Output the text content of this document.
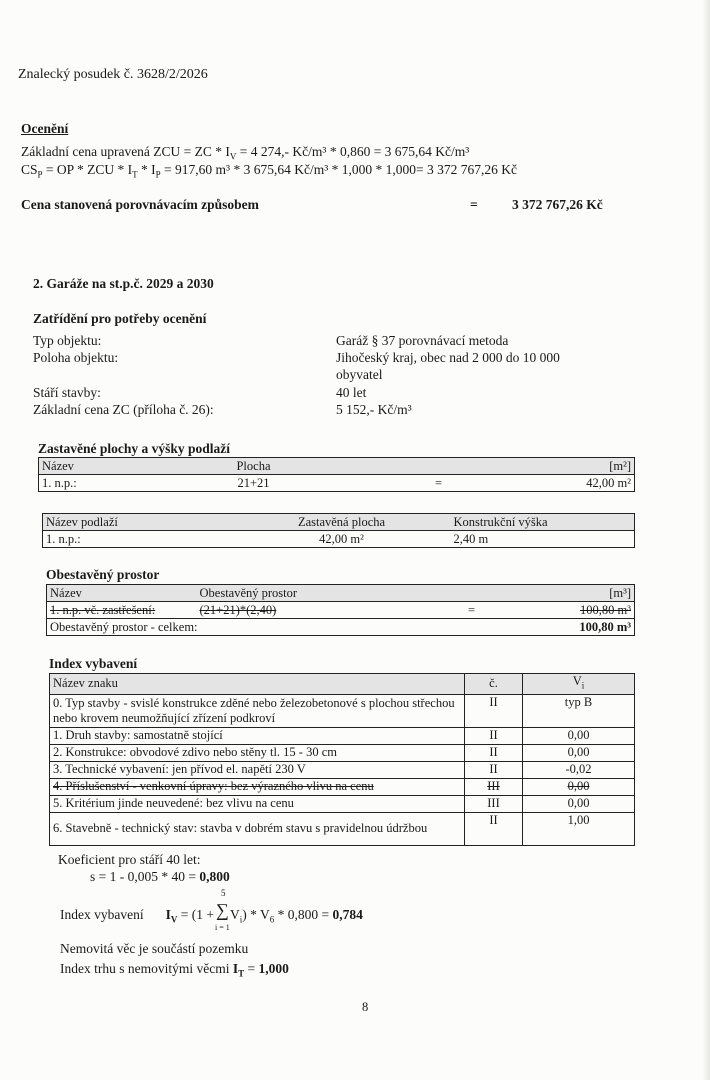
Znalecký posudek č. 3628/2/2026
Ocenění
Základní cena upravená ZCU = ZC * $I_V = 4$ 274,- Kč/m³ * 0,860 = 3 675,64 Kč/m³
$CS_P$ = OP * ZCU * $I_T * I_P = 917,60$ m³ * 3 675,64 Kč/m³ * 1,000 * 1,000= 3 372 767,26 Kč
Cena stanovená porovnávacím způsobem	=	3 372 767,26 Kč
2. Garáže na st.p.č. 2029 a 2030
Zatřídění pro potřeby ocenění
Typ objektu:	Garáž § 37 porovnávací metoda
Poloha objektu:	Jihočeský kraj, obec nad 2 000 do 10 000
obyvatel
Stáří stavby:	40 let
Základní cena ZC (příloha č. 26):	5 152,- Kč/m³
Zastavěné plochy a výšky podlaží
Název	Plocha		[m²]
1. n.p.:	21+21	=	42,00 m²
Název podlaží	Zastavěná plocha	Konstrukční výška
1. n.p.:	42,00 m²	2,40 m
Obestavěný prostor
Název	Obestavěný prostor		[m³]
1. n.p. vč. zastřešení:	(21+21)*(2,40)	=	100,80 m³
Obestavěný prostor - celkem:			100,80 m³
Index vybavení
Název znaku	č.	$V_i$
0. Typ stavby - svislé konstrukce zděné nebo železobetonové s plochou střechou nebo krovem neumožňující zřízení podkroví	II	typ B
1. Druh stavby: samostatně stojící	II	0,00
2. Konstrukce: obvodové zdivo nebo stěny tl. 15 - 30 cm	II	0,00
3. Technické vybavení: jen přívod el. napětí 230 V	II	-0,02
4. Příslušenství - venkovní úpravy: bez výrazného vlivu na cenu	III	0,00
5. Kritérium jinde neuvedené: bez vlivu na cenu	III	0,00
6. Stavebně - technický stav: stavba v dobrém stavu s pravidelnou údržbou	II	1,00
Koeficient pro stáří 40 let:
s = 1 - 0,005 * 40 = 0,800
5
Index vybavení $I_V = (1$ + ∑ $V_i) * V_6 * 0,800 = 0,784$
i = 1
Nemovitá věc je součástí pozemku
Index trhu s nemovitými věcmi $I_T = 1,000$
8
